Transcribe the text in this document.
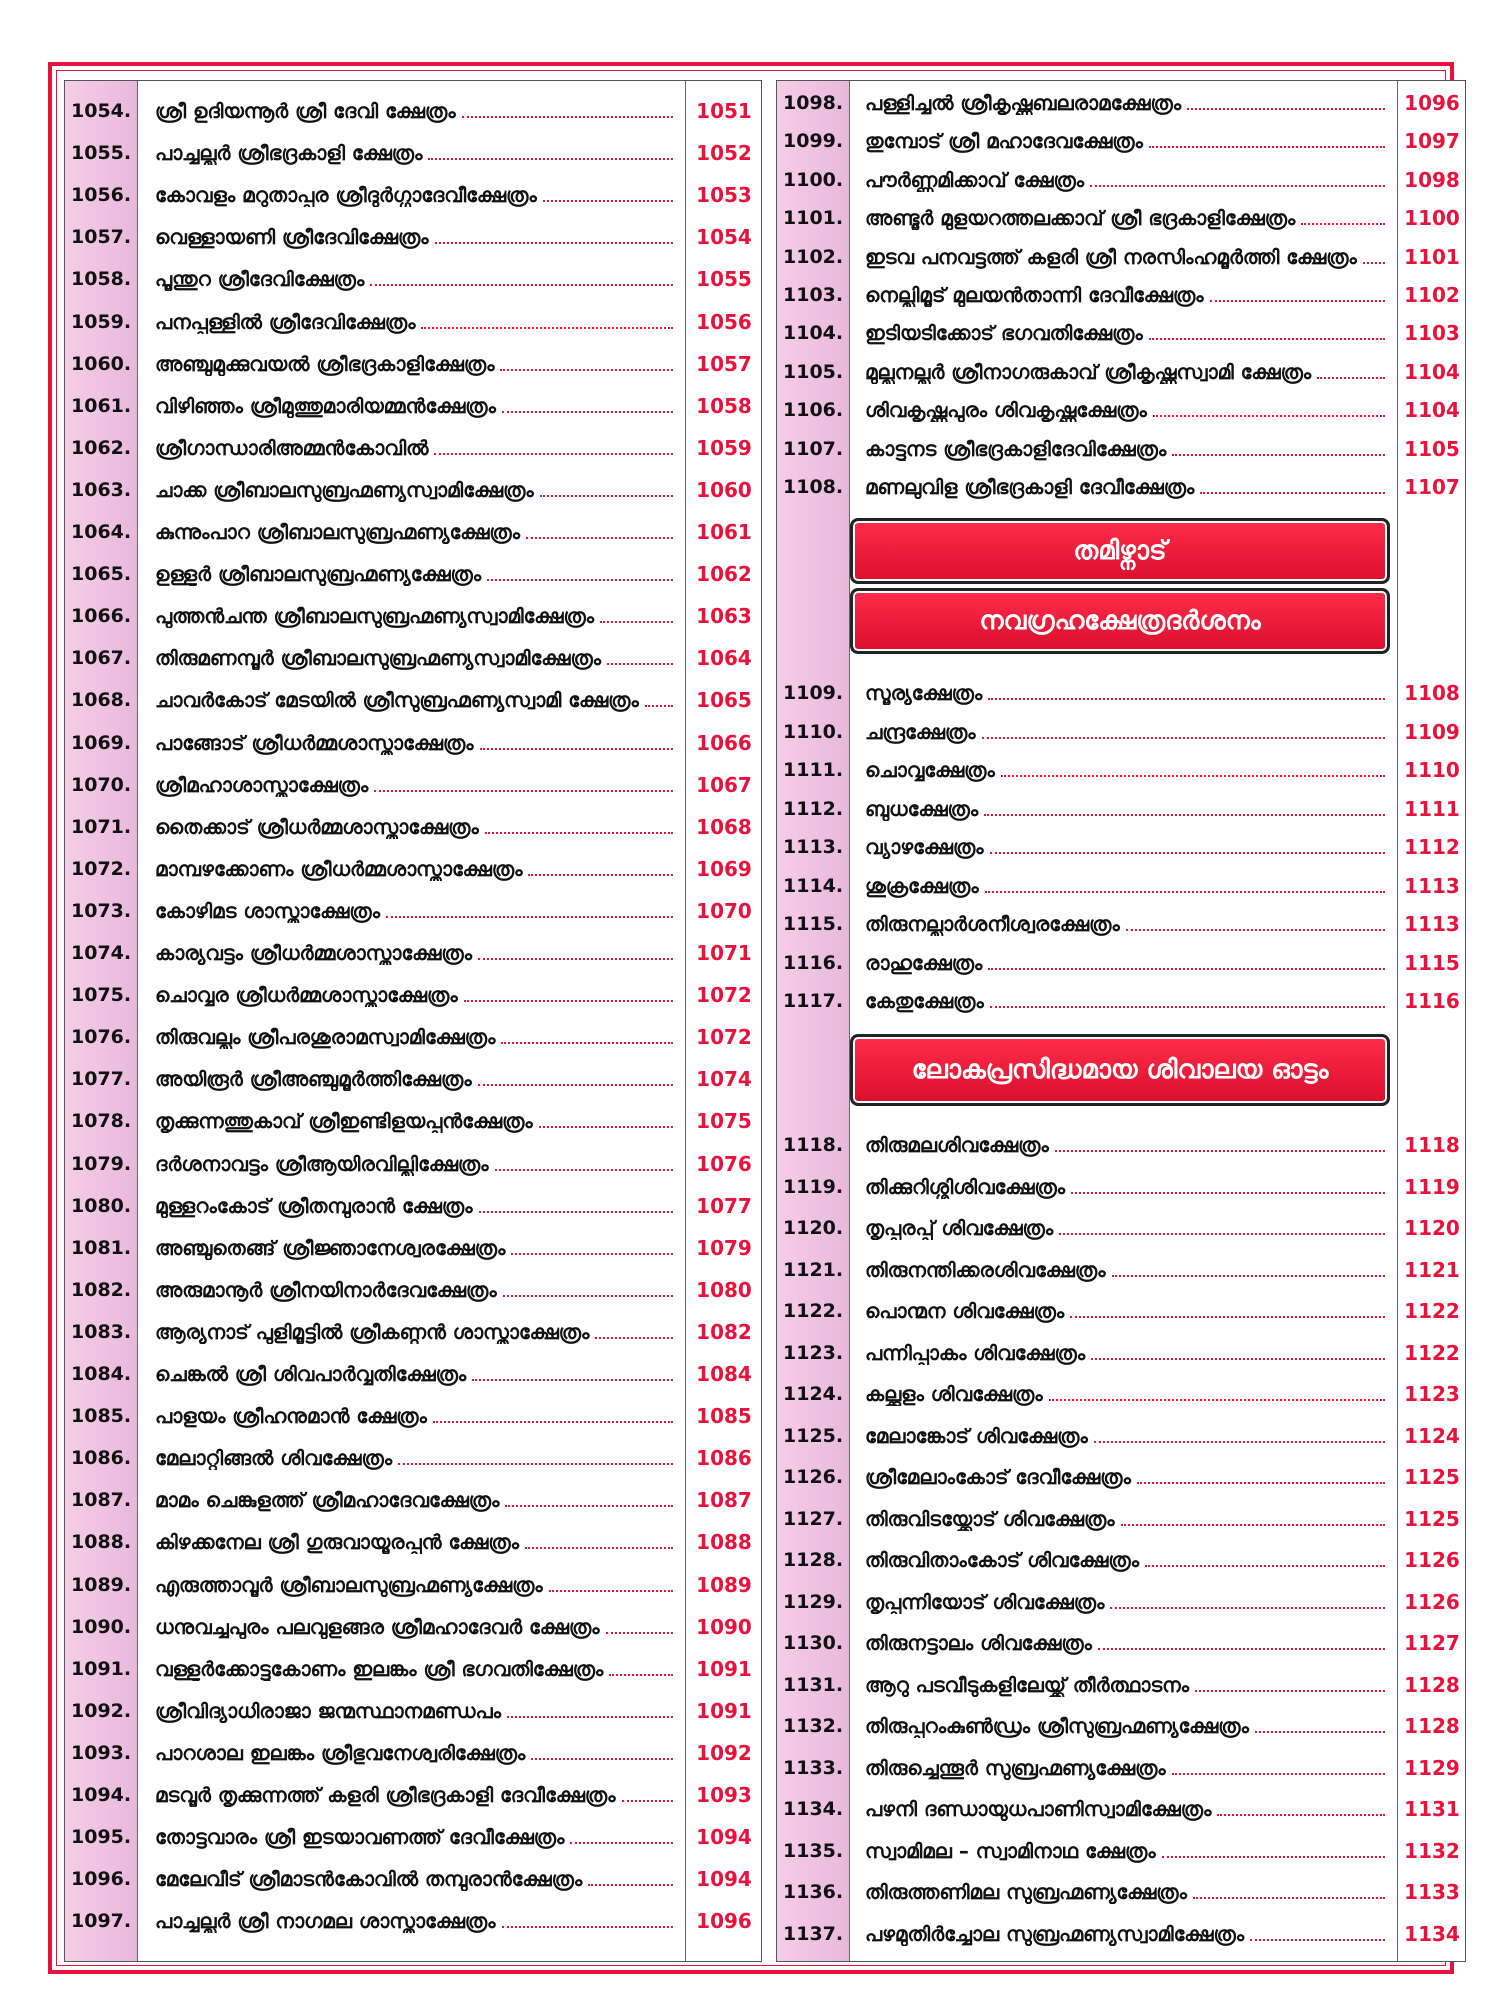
1054. ശ്രീ ഉദിയന്നൂർ ശ്രീ ദേവി ക്ഷേത്രം	1051
1055. പാച്ചല്ലൂർ ശ്രീഭദ്രകാളി ക്ഷേത്രം	1052
1056. കോവളം മറുതാപ്പുര ശ്രീദുർഗ്ഗാദേവീക്ഷേത്രം	1053
1057. വെള്ളായണി ശ്രീദേവിക്ഷേത്രം	1054
1058. പൂന്തുറ ശ്രീദേവിക്ഷേത്രം	1055
1059. പനപ്പള്ളിൽ ശ്രീദേവിക്ഷേത്രം	1056
1060. അഞ്ചുമുക്കുവയൽ ശ്രീഭദ്രകാളിക്ഷേത്രം	1057
1061. വിഴിഞ്ഞം ശ്രീമുത്തുമാരിയമ്മൻക്ഷേത്രം	1058
1062. ശ്രീഗാന്ധാരിഅമ്മൻകോവിൽ	1059
1063. ചാക്ക ശ്രീബാലസുബ്രഹ്മണ്യസ്വാമിക്ഷേത്രം	1060
1064. കുന്നുംപാറ ശ്രീബാലസുബ്രഹ്മണ്യക്ഷേത്രം	1061
1065. ഉള്ളൂർ ശ്രീബാലസുബ്രഹ്മണ്യക്ഷേത്രം	1062
1066. പുത്തൻചന്ത ശ്രീബാലസുബ്രഹ്മണ്യസ്വാമിക്ഷേത്രം	1063
1067. തിരുമണമ്പൂർ ശ്രീബാലസുബ്രഹ്മണ്യസ്വാമിക്ഷേത്രം	1064
1068. ചാവർകോട് മേടയിൽ ശ്രീസുബ്രഹ്മണ്യസ്വാമി ക്ഷേത്രം	1065
1069. പാങ്ങോട് ശ്രീധർമ്മശാസ്താക്ഷേത്രം	1066
1070. ശ്രീമഹാശാസ്താക്ഷേത്രം	1067
1071. തൈക്കാട് ശ്രീധർമ്മശാസ്താക്ഷേത്രം	1068
1072. മാമ്പഴക്കോണം ശ്രീധർമ്മശാസ്താക്ഷേത്രം	1069
1073. കോഴിമട ശാസ്താക്ഷേത്രം	1070
1074. കാര്യവട്ടം ശ്രീധർമ്മശാസ്താക്ഷേത്രം	1071
1075. ചൊവ്വര ശ്രീധർമ്മശാസ്താക്ഷേത്രം	1072
1076. തിരുവല്ലം ശ്രീപരശുരാമസ്വാമിക്ഷേത്രം	1072
1077. അയിരൂർ ശ്രീഅഞ്ചുമൂർത്തിക്ഷേത്രം	1074
1078. തൃക്കുന്നത്തുകാവ് ശ്രീഇണ്ടിളയപ്പൻക്ഷേത്രം	1075
1079. ദർശനാവട്ടം ശ്രീആയിരവില്ലിക്ഷേത്രം	1076
1080. മുള്ളറംകോട് ശ്രീതമ്പുരാൻ ക്ഷേത്രം	1077
1081. അഞ്ചുതെങ്ങ് ശ്രീജ്ഞാനേശ്വരക്ഷേത്രം	1079
1082. അരുമാനൂർ ശ്രീനയിനാർദേവക്ഷേത്രം	1080
1083. ആര്യനാട് പുളിമൂട്ടിൽ ശ്രീകണ്ഠൻ ശാസ്താക്ഷേത്രം	1082
1084. ചെങ്കൽ ശ്രീ ശിവപാർവ്വതിക്ഷേത്രം	1084
1085. പാളയം ശ്രീഹനുമാൻ ക്ഷേത്രം	1085
1086. മേലാറ്റിങ്ങൽ ശിവക്ഷേത്രം	1086
1087. മാമം ചെങ്കുളത്ത് ശ്രീമഹാദേവക്ഷേത്രം	1087
1088. കിഴക്കനേല ശ്രീ ഗുരുവായൂരപ്പൻ ക്ഷേത്രം	1088
1089. എരുത്താവൂർ ശ്രീബാലസുബ്രഹ്മണ്യക്ഷേത്രം	1089
1090. ധനുവച്ചപുരം പലവുളങ്ങര ശ്രീമഹാദേവർ ക്ഷേത്രം	1090
1091. വള്ളൂർക്കോട്ടുകോണം ഇലങ്കം ശ്രീ ഭഗവതിക്ഷേത്രം	1091
1092. ശ്രീവിദ്യാധിരാജാ ജന്മസ്ഥാനമണ്ഡപം	1091
1093. പാറശാല ഇലങ്കം ശ്രീഭുവനേശ്വരിക്ഷേത്രം	1092
1094. മടവൂർ തൃക്കുന്നത്ത് കളരി ശ്രീഭദ്രകാളി ദേവീക്ഷേത്രം	1093
1095. തോട്ടവാരം ശ്രീ ഇടയാവണത്ത് ദേവീക്ഷേത്രം	1094
1096. മേലേവീട് ശ്രീമാടൻകോവിൽ തമ്പുരാൻക്ഷേത്രം	1094
1097. പാച്ചല്ലൂർ ശ്രീ നാഗമല ശാസ്താക്ഷേത്രം	1096
1098. പള്ളിച്ചൽ ശ്രീകൃഷ്ണബലരാമക്ഷേത്രം	1096
1099. തുമ്പോട് ശ്രീ മഹാദേവക്ഷേത്രം	1097
1100. പൗർണ്ണമിക്കാവ് ക്ഷേത്രം	1098
1101. അണ്ടൂർ മുളയറത്തലക്കാവ് ശ്രീ ഭദ്രകാളിക്ഷേത്രം	1100
1102. ഇടവ പനവട്ടത്ത് കളരി ശ്രീ നരസിംഹമൂർത്തി ക്ഷേത്രം 1101
1103. നെല്ലിമൂട് മുലയൻതാന്നി ദേവീക്ഷേത്രം	1102
1104. ഇടിയടിക്കോട് ഭഗവതിക്ഷേത്രം	1103
1105. മുല്ലനല്ലൂർ ശ്രീനാഗരുകാവ് ശ്രീകൃഷ്ണസ്വാമി ക്ഷേത്രം	1104
1106. ശിവകൃഷ്ണപുരം ശിവകൃഷ്ണക്ഷേത്രം	1104
1107. കാട്ടുനട ശ്രീഭദ്രകാളിദേവിക്ഷേത്രം	1105
1108. മണലുവിള ശ്രീഭദ്രകാളി ദേവീക്ഷേത്രം	1107
1109. സൂര്യക്ഷേത്രം	1108
1110. ചന്ദ്രക്ഷേത്രം	1109
1111. ചൊവ്വക്ഷേത്രം	1110
1112. ബുധക്ഷേത്രം	1111
1113. വ്യാഴക്ഷേത്രം	1112
1114. ശുക്രക്ഷേത്രം	1113
1115. തിരുനല്ലാർശനീശ്വരക്ഷേത്രം	1113
1116. രാഹുക്ഷേത്രം	1115
1117. കേതുക്ഷേത്രം	1116
1118. തിരുമലശിവക്ഷേത്രം	1118
1119. തിക്കുറിശ്ശിശിവക്ഷേത്രം	1119
1120. തൃപ്പരപ്പ് ശിവക്ഷേത്രം	1120
1121. തിരുനന്തിക്കരശിവക്ഷേത്രം	1121
1122. പൊന്മന ശിവക്ഷേത്രം	1122
1123. പന്നിപ്പാകം ശിവക്ഷേത്രം	1122
1124. കല്ക്കുളം ശിവക്ഷേത്രം	1123
1125. മേലാങ്കോട് ശിവക്ഷേത്രം	1124
1126. ശ്രീമേലാംകോട് ദേവീക്ഷേത്രം	1125
1127. തിരുവിടയ്ക്കോട് ശിവക്ഷേത്രം	1125
1128. തിരുവിതാംകോട് ശിവക്ഷേത്രം	1126
1129. തൃപ്പന്നിയോട് ശിവക്ഷേത്രം	1126
1130. തിരുനട്ടാലം ശിവക്ഷേത്രം	1127
1131. ആറു പടവീടുകളിലേയ്ക്ക് തീർത്ഥാടനം	1128
1132. തിരുപ്പറംകുൺഡ്രം ശ്രീസുബ്രഹ്മണ്യക്ഷേത്രം	1128
1133. തിരുച്ചെന്തൂർ സുബ്രഹ്മണ്യക്ഷേത്രം	1129
1134. പഴനി ദണ്ഡായുധപാണിസ്വാമിക്ഷേത്രം	1131
1135. സ്വാമിമല – സ്വാമിനാഥ ക്ഷേത്രം	1132
1136. തിരുത്തണിമല സുബ്രഹ്മണ്യക്ഷേത്രം	1133
1137. പഴമുതിർച്ചോല സുബ്രഹ്മണ്യസ്വാമിക്ഷേത്രം	1134
തമിഴ്നാട്
നവഗ്രഹക്ഷേത്രദർശനം
ലോകപ്രസിദ്ധമായ ശിവാലയ ഓട്ടം
